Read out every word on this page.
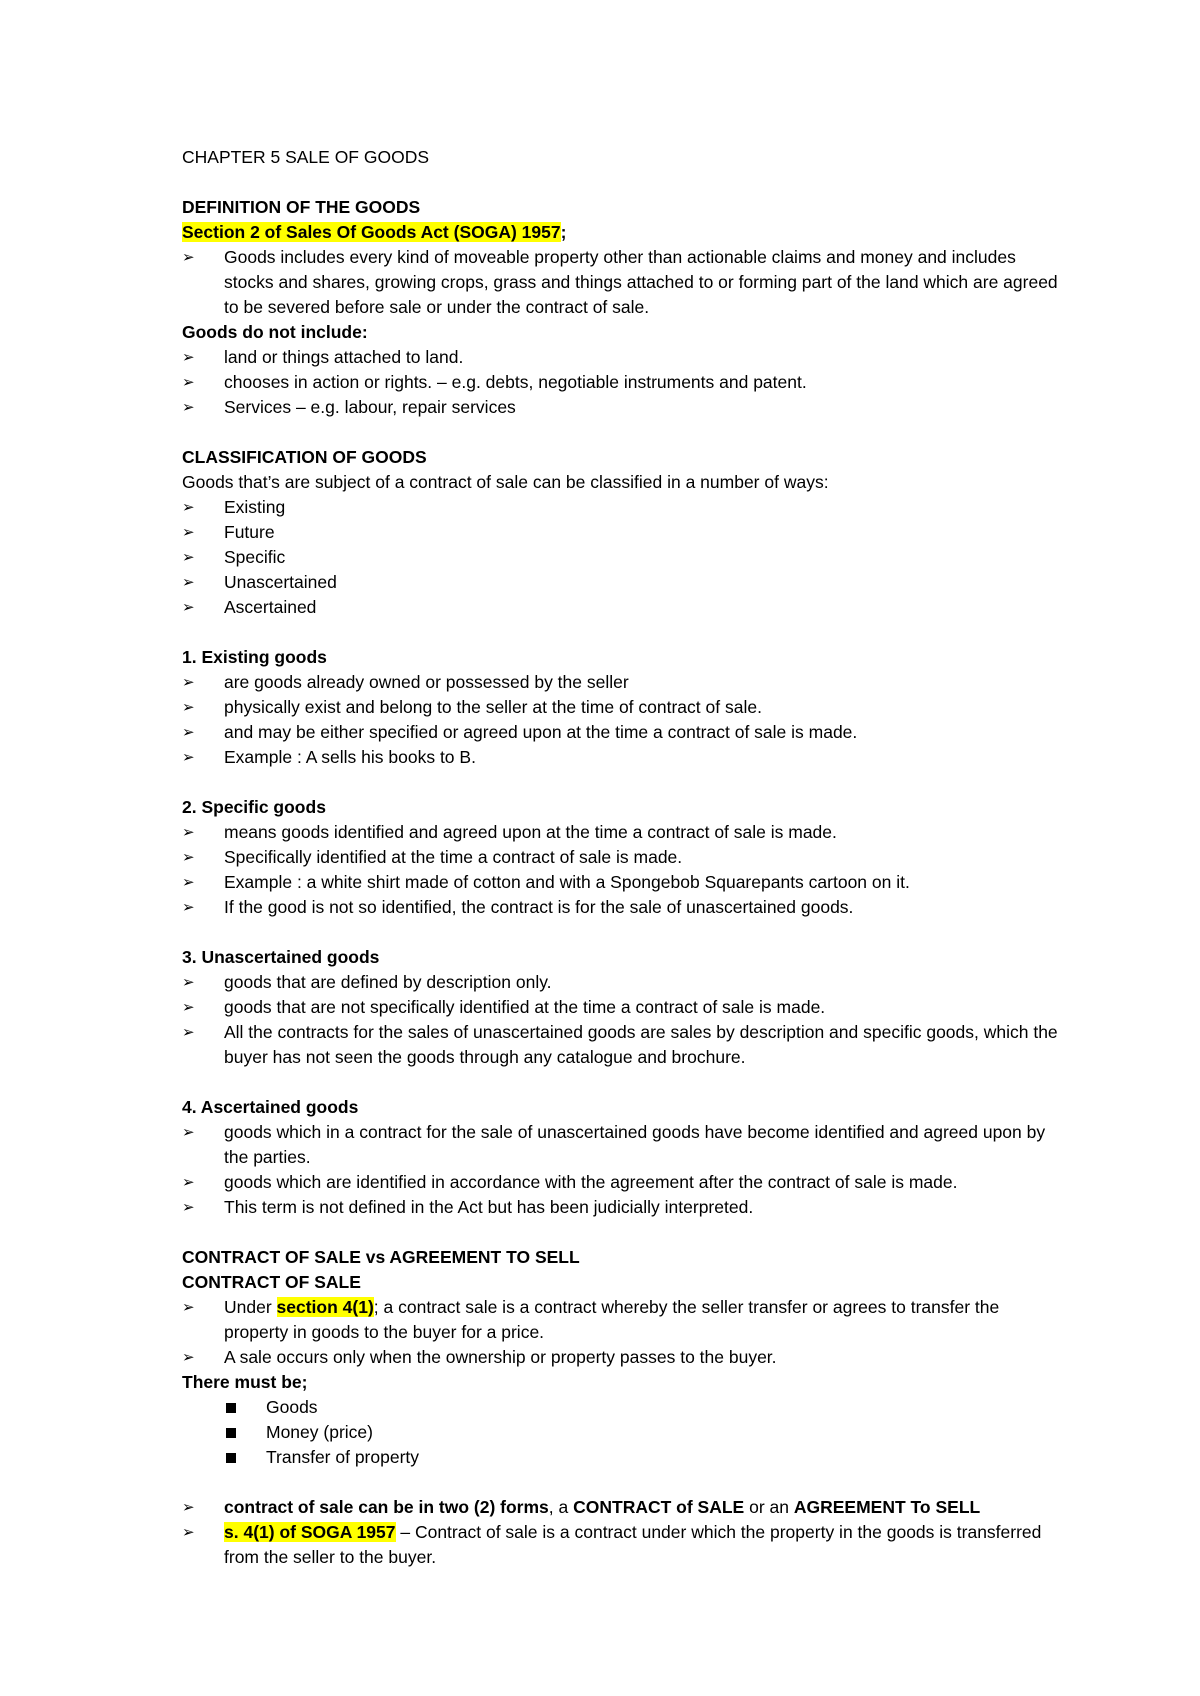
CHAPTER 5 SALE OF GOODS
DEFINITION OF THE GOODS
Section 2 of Sales Of Goods Act (SOGA) 1957;
➢	Goods includes every kind of moveable property other than actionable claims and money and includes stocks and shares, growing crops, grass and things attached to or forming part of the land which are agreed to be severed before sale or under the contract of sale.
Goods do not include:
➢	land or things attached to land.
➢	chooses in action or rights. – e.g. debts, negotiable instruments and patent.
➢	Services – e.g. labour, repair services
CLASSIFICATION OF GOODS
Goods that’s are subject of a contract of sale can be classified in a number of ways:
➢	Existing
➢	Future
➢	Specific
➢	Unascertained
➢	Ascertained
1. Existing goods
➢	are goods already owned or possessed by the seller
➢	physically exist and belong to the seller at the time of contract of sale.
➢	and may be either specified or agreed upon at the time a contract of sale is made.
➢	Example : A sells his books to B.
2. Specific goods
➢	means goods identified and agreed upon at the time a contract of sale is made.
➢	Specifically identified at the time a contract of sale is made.
➢	Example : a white shirt made of cotton and with a Spongebob Squarepants cartoon on it.
➢	If the good is not so identified, the contract is for the sale of unascertained goods.
3. Unascertained goods
➢	goods that are defined by description only.
➢	goods that are not specifically identified at the time a contract of sale is made.
➢	All the contracts for the sales of unascertained goods are sales by description and specific goods, which the buyer has not seen the goods through any catalogue and brochure.
4. Ascertained goods
➢	goods which in a contract for the sale of unascertained goods have become identified and agreed upon by the parties.
➢	goods which are identified in accordance with the agreement after the contract of sale is made.
➢	This term is not defined in the Act but has been judicially interpreted.
CONTRACT OF SALE vs AGREEMENT TO SELL
CONTRACT OF SALE
➢	Under section 4(1); a contract sale is a contract whereby the seller transfer or agrees to transfer the property in goods to the buyer for a price.
➢	A sale occurs only when the ownership or property passes to the buyer.
There must be;
Goods
Money (price)
Transfer of property
➢	contract of sale can be in two (2) forms, a CONTRACT of SALE or an AGREEMENT To SELL
➢	s. 4(1) of SOGA 1957 – Contract of sale is a contract under which the property in the goods is transferred from the seller to the buyer.
